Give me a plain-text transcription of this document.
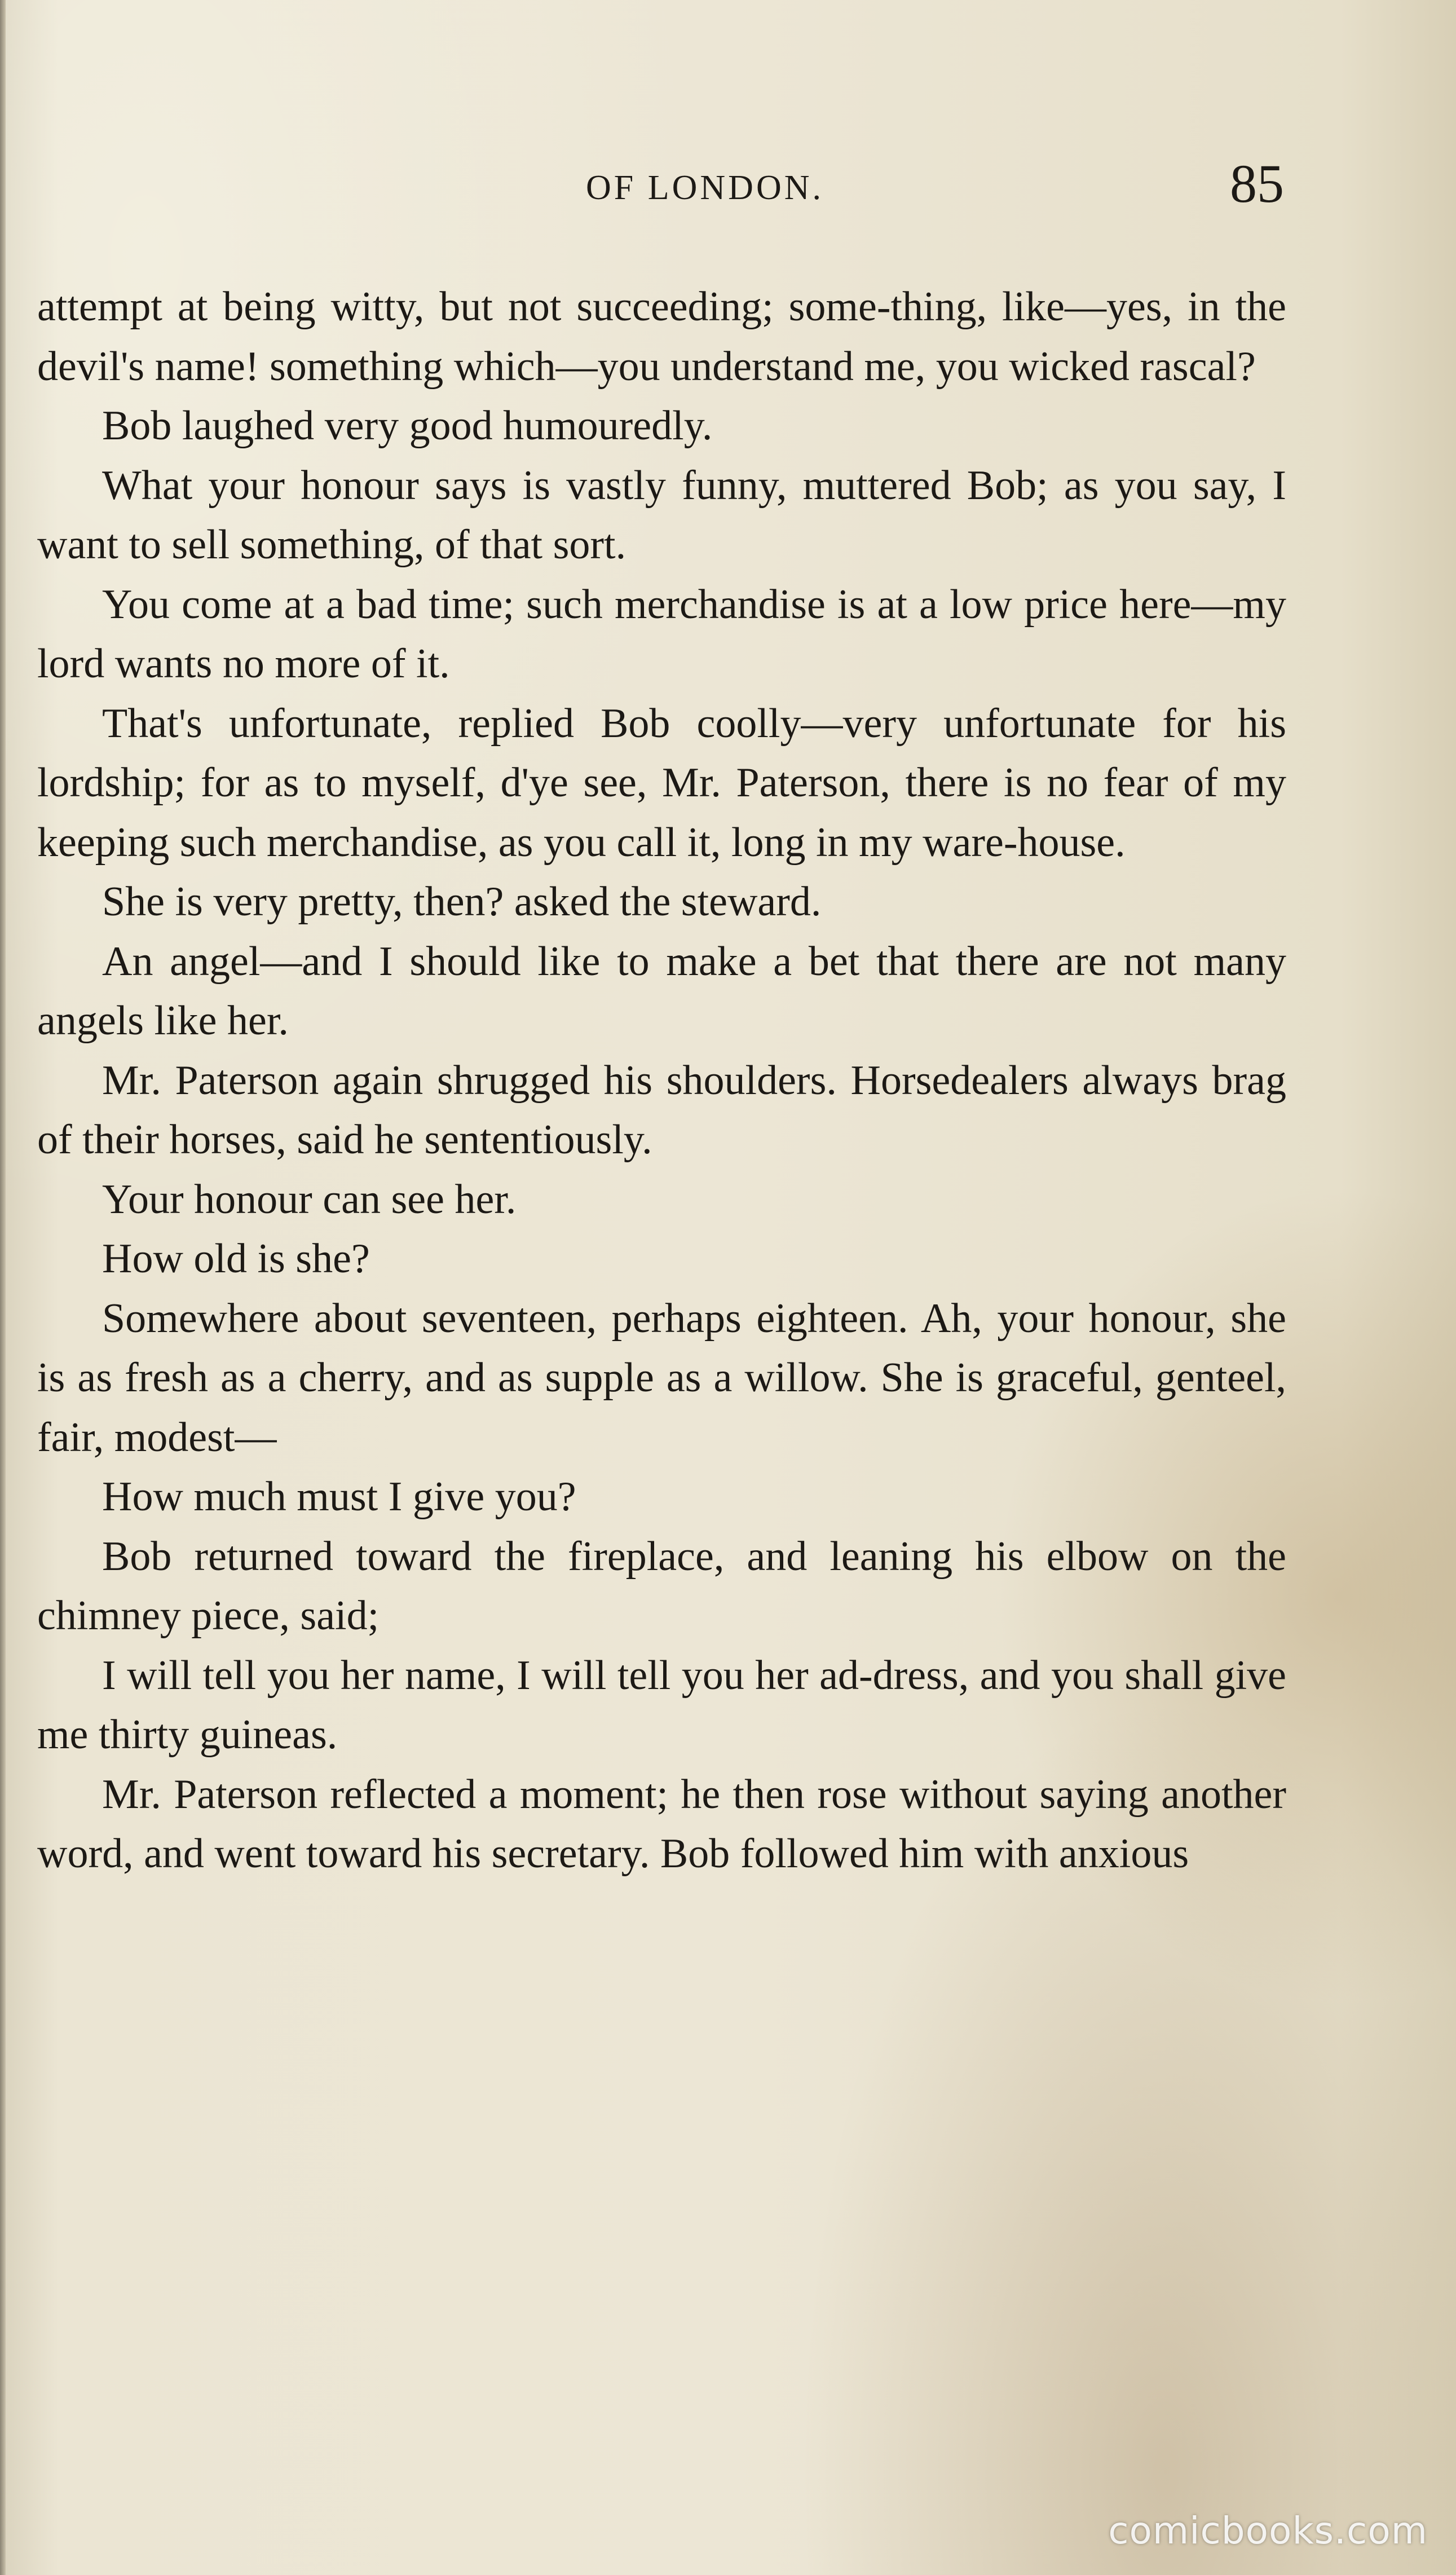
OF LONDON.	85

attempt at being witty, but not succeeding; some-thing, like—yes, in the devil's name! something which—you understand me, you wicked rascal?

Bob laughed very good humouredly.

What your honour says is vastly funny, muttered Bob; as you say, I want to sell something, of that sort.

You come at a bad time; such merchandise is at a low price here—my lord wants no more of it.

That's unfortunate, replied Bob coolly—very unfortunate for his lordship; for as to myself, d'ye see, Mr. Paterson, there is no fear of my keeping such merchandise, as you call it, long in my ware-house.

She is very pretty, then? asked the steward.

An angel—and I should like to make a bet that there are not many angels like her.

Mr. Paterson again shrugged his shoulders. Horsedealers always brag of their horses, said he sententiously.

Your honour can see her.

How old is she?

Somewhere about seventeen, perhaps eighteen. Ah, your honour, she is as fresh as a cherry, and as supple as a willow. She is graceful, genteel, fair, modest—

How much must I give you?

Bob returned toward the fireplace, and leaning his elbow on the chimney piece, said;

I will tell you her name, I will tell you her ad-dress, and you shall give me thirty guineas.

Mr. Paterson reflected a moment; he then rose without saying another word, and went toward his secretary. Bob followed him with anxious

comicbooks.com
